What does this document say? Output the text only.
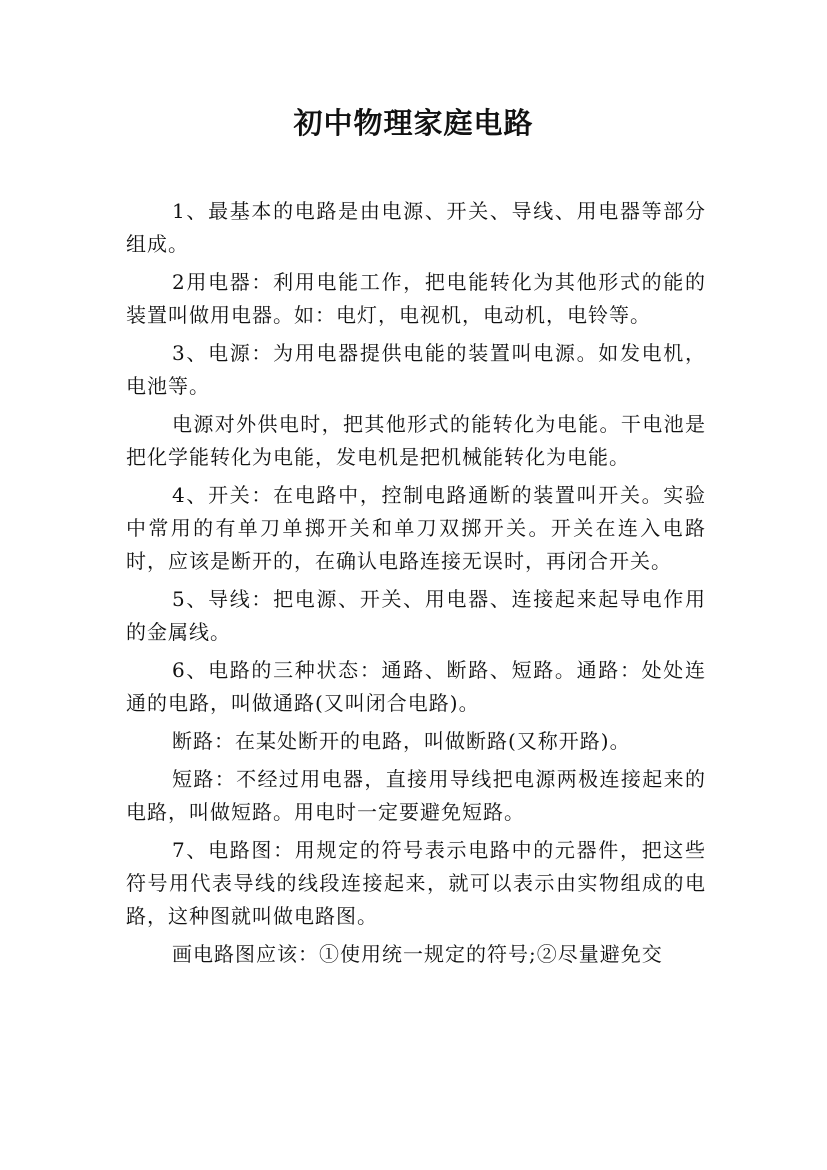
初中物理家庭电路

1、最基本的电路是由电源、开关、导线、用电器等部分组成。

2用电器：利用电能工作，把电能转化为其他形式的能的装置叫做用电器。如：电灯，电视机，电动机，电铃等。

3、电源：为用电器提供电能的装置叫电源。如发电机，电池等。

电源对外供电时，把其他形式的能转化为电能。干电池是把化学能转化为电能，发电机是把机械能转化为电能。

4、开关：在电路中，控制电路通断的装置叫开关。实验中常用的有单刀单掷开关和单刀双掷开关。开关在连入电路时，应该是断开的，在确认电路连接无误时，再闭合开关。

5、导线：把电源、开关、用电器、连接起来起导电作用的金属线。

6、电路的三种状态：通路、断路、短路。通路：处处连通的电路，叫做通路(又叫闭合电路)。

断路：在某处断开的电路，叫做断路(又称开路)。

短路：不经过用电器，直接用导线把电源两极连接起来的电路，叫做短路。用电时一定要避免短路。

7、电路图：用规定的符号表示电路中的元器件，把这些符号用代表导线的线段连接起来，就可以表示由实物组成的电路，这种图就叫做电路图。

画电路图应该：①使用统一规定的符号;②尽量避免交
